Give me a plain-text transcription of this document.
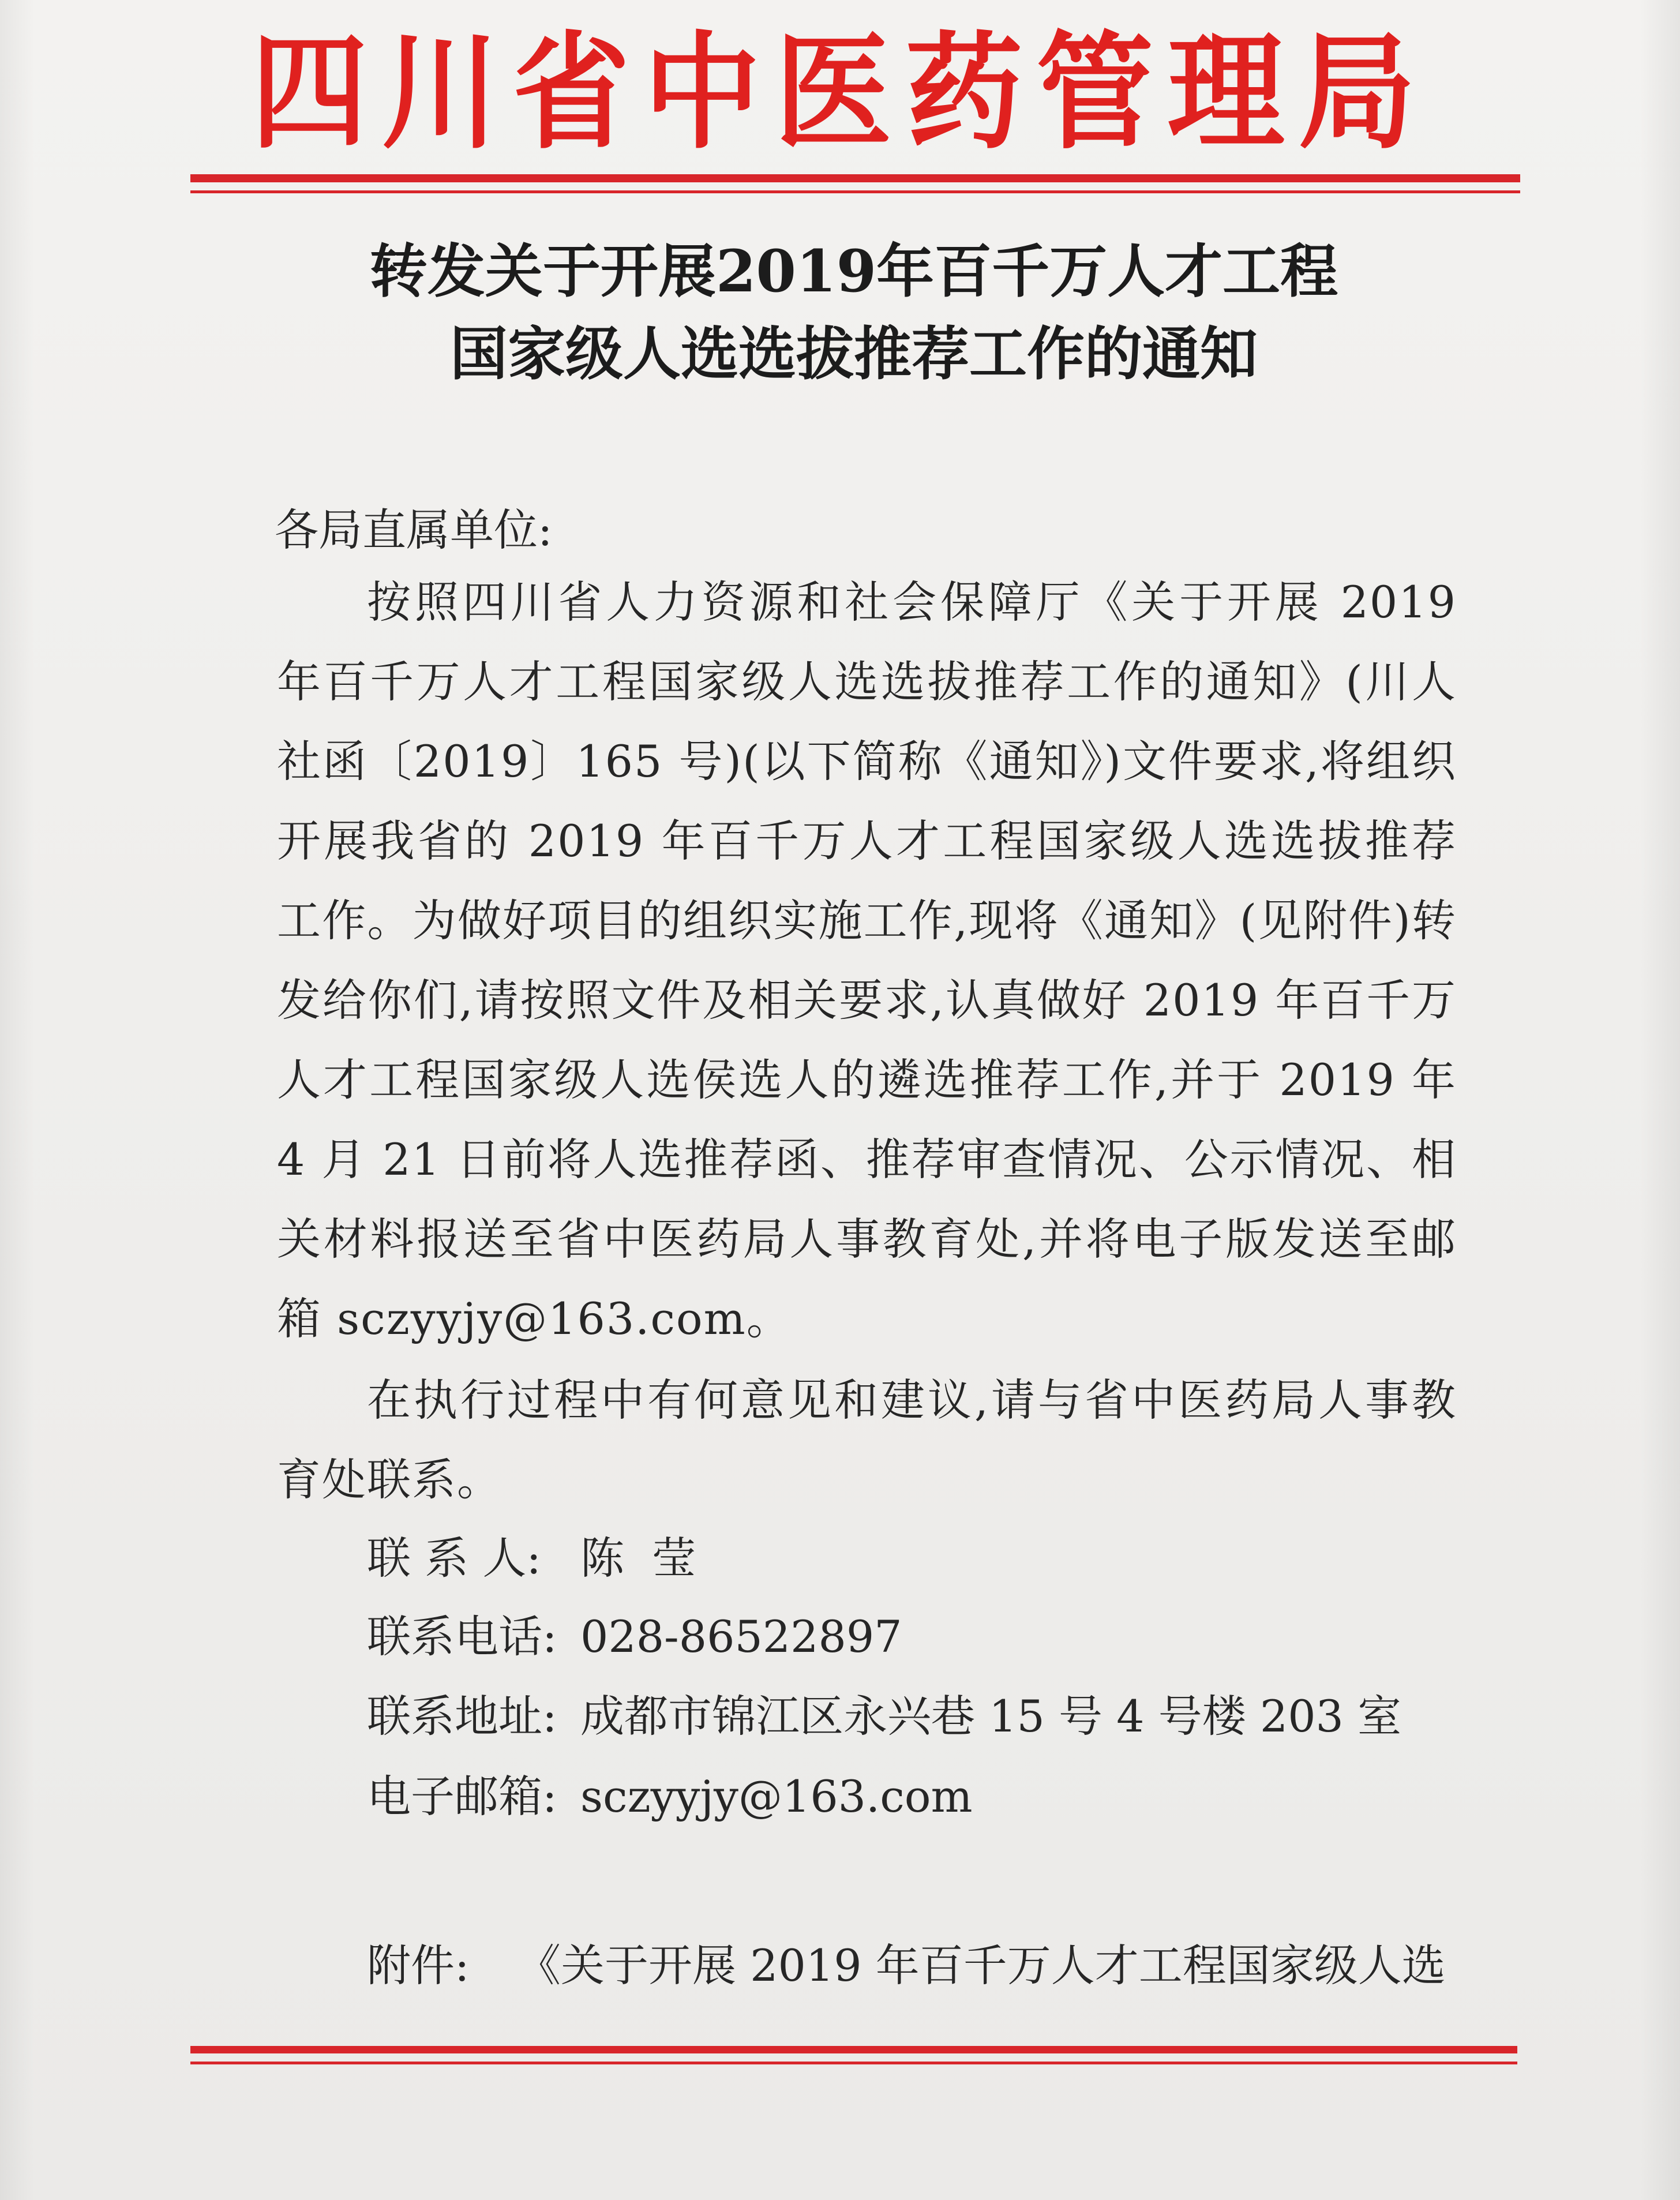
四川省中医药管理局
转发关于开展2019年百千万人才工程
国家级人选选拔推荐工作的通知
各局直属单位:
按照四川省人力资源和社会保障厅《关于开展 2019 年百千万人才工程国家级人选选拔推荐工作的通知》(川人社函〔2019〕165 号)(以下简称《通知》)文件要求,将组织开展我省的 2019 年百千万人才工程国家级人选选拔推荐工作。为做好项目的组织实施工作,现将《通知》(见附件)转发给你们,请按照文件及相关要求,认真做好 2019 年百千万人才工程国家级人选侯选人的遴选推荐工作,并于 2019 年 4 月 21 日前将人选推荐函、推荐审查情况、公示情况、相关材料报送至省中医药局人事教育处,并将电子版发送至邮箱 sczyyjy@163.com。
在执行过程中有何意见和建议,请与省中医药局人事教育处联系。
联 系 人: 陈  莹
联系电话: 028-86522897
联系地址: 成都市锦江区永兴巷 15 号 4 号楼 203 室
电子邮箱: sczyyjy@163.com
附件: 《关于开展 2019 年百千万人才工程国家级人选
